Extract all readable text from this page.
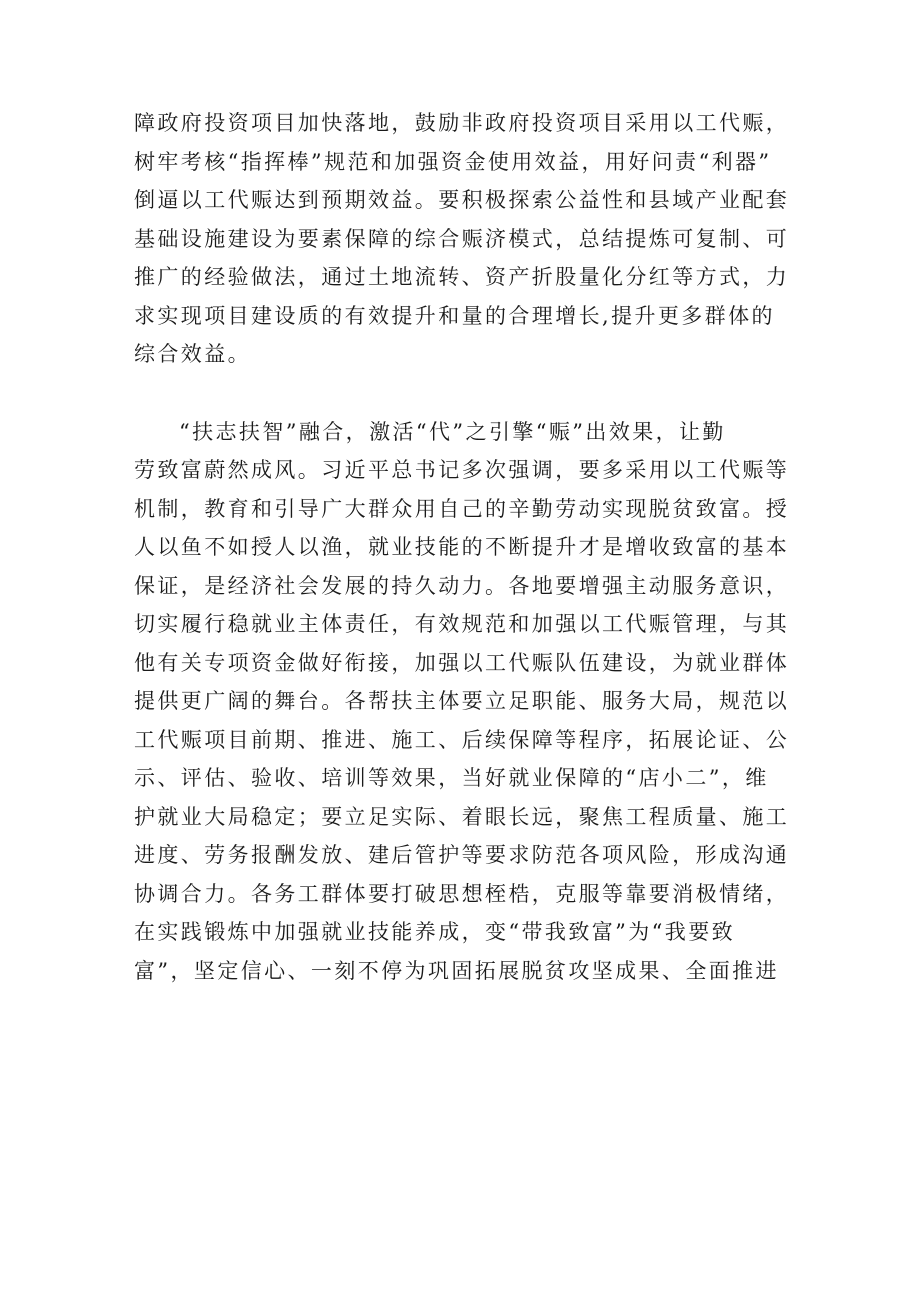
障政府投资项目加快落地，鼓励非政府投资项目采用以工代赈，
树牢考核“指挥棒”规范和加强资金使用效益，用好问责“利器”
倒逼以工代赈达到预期效益。要积极探索公益性和县域产业配套
基础设施建设为要素保障的综合赈济模式，总结提炼可复制、可
推广的经验做法，通过土地流转、资产折股量化分红等方式，力
求实现项目建设质的有效提升和量的合理增长,提升更多群体的
综合效益。
“扶志扶智”融合，激活“代”之引擎“赈”出效果，让勤
劳致富蔚然成风。习近平总书记多次强调，要多采用以工代赈等
机制，教育和引导广大群众用自己的辛勤劳动实现脱贫致富。授
人以鱼不如授人以渔，就业技能的不断提升才是增收致富的基本
保证，是经济社会发展的持久动力。各地要增强主动服务意识，
切实履行稳就业主体责任，有效规范和加强以工代赈管理，与其
他有关专项资金做好衔接，加强以工代赈队伍建设，为就业群体
提供更广阔的舞台。各帮扶主体要立足职能、服务大局，规范以
工代赈项目前期、推进、施工、后续保障等程序，拓展论证、公
示、评估、验收、培训等效果，当好就业保障的“店小二”，维
护就业大局稳定；要立足实际、着眼长远，聚焦工程质量、施工
进度、劳务报酬发放、建后管护等要求防范各项风险，形成沟通
协调合力。各务工群体要打破思想桎梏，克服等靠要消极情绪，
在实践锻炼中加强就业技能养成，变“带我致富”为“我要致
富”，坚定信心、一刻不停为巩固拓展脱贫攻坚成果、全面推进
